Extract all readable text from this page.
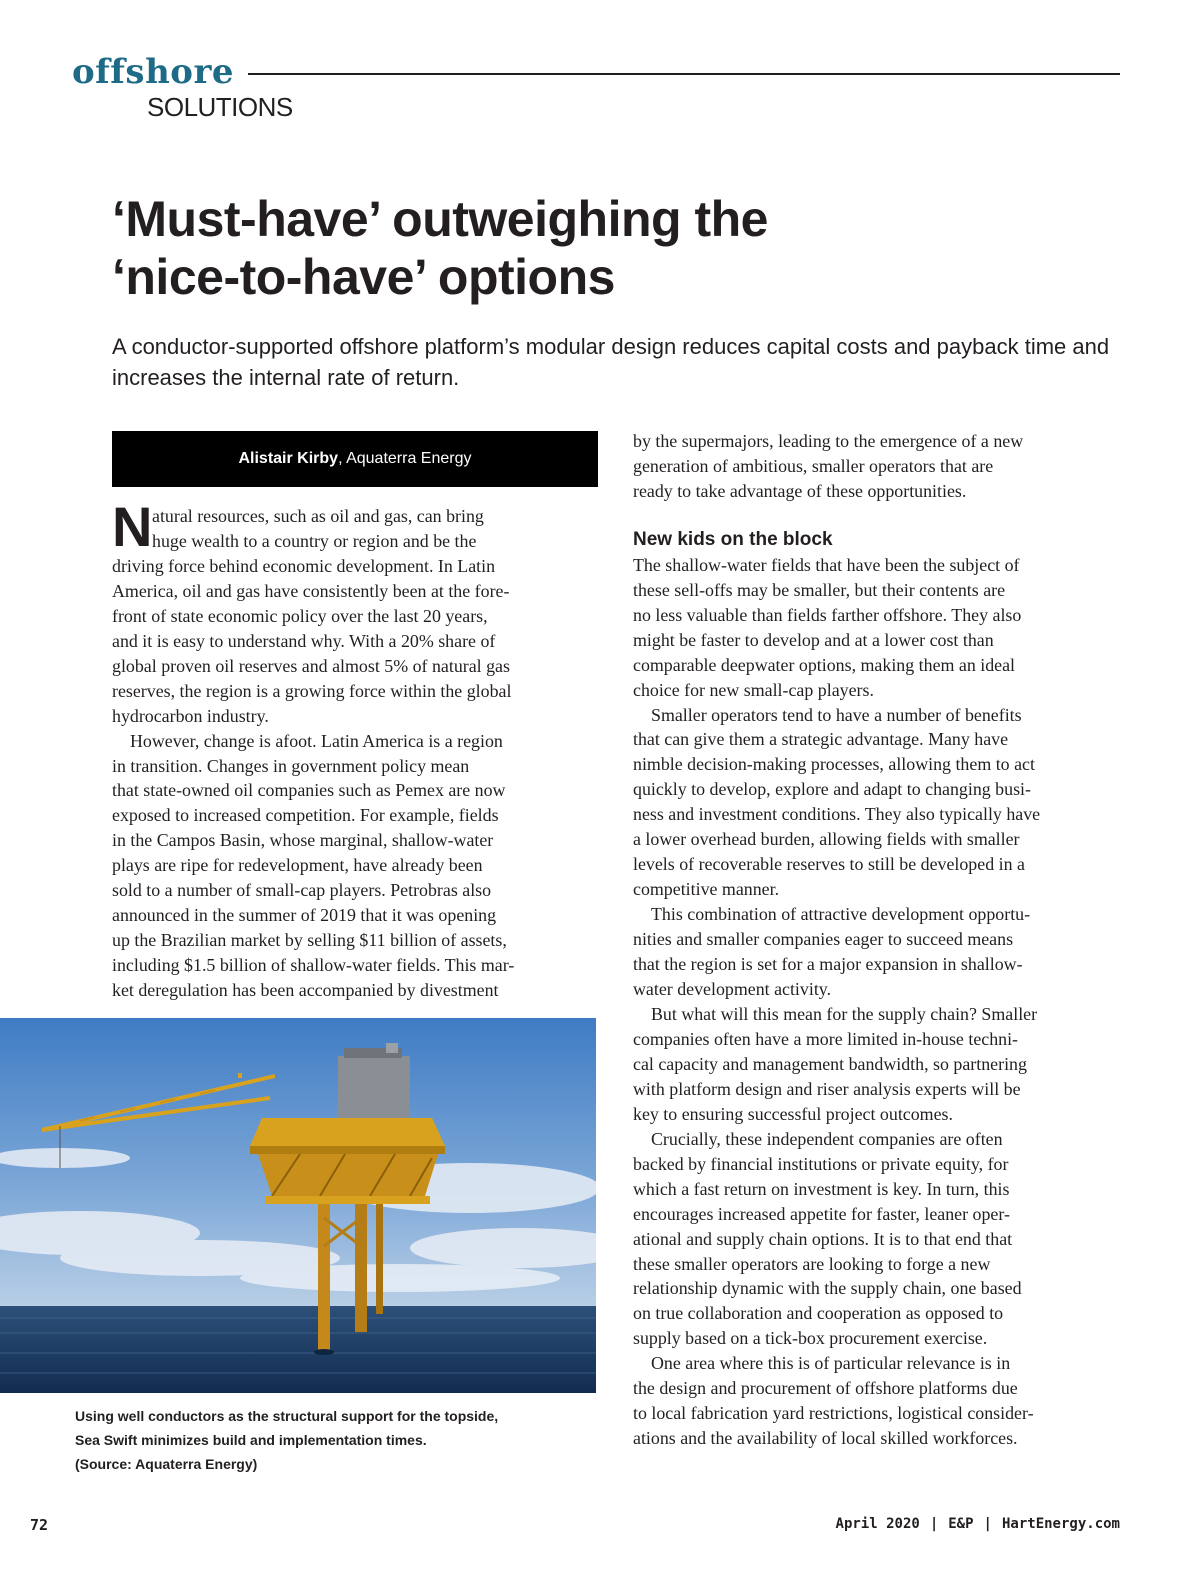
offshore
SOLUTIONS
‘Must-have’ outweighing the
‘nice-to-have’ options
A conductor-supported offshore platform’s modular design reduces capital costs and payback time and increases the internal rate of return.
Alistair Kirby , Aquaterra Energy
N atural resources, such as oil and gas, can bring
huge wealth to a country or region and be the
driving force behind economic development. In Latin
America, oil and gas have consistently been at the fore-
front of state economic policy over the last 20 years,
and it is easy to understand why. With a 20% share of
global proven oil reserves and almost 5% of natural gas
reserves, the region is a growing force within the global
hydrocarbon industry.
However, change is afoot. Latin America is a region
in transition. Changes in government policy mean
that state-owned oil companies such as Pemex are now
exposed to increased competition. For example, fields
in the Campos Basin, whose marginal, shallow-water
plays are ripe for redevelopment, have already been
sold to a number of small-cap players. Petrobras also
announced in the summer of 2019 that it was opening
up the Brazilian market by selling $11 billion of assets,
including $1.5 billion of shallow-water fields. This mar-
ket deregulation has been accompanied by divestment
by the supermajors, leading to the emergence of a new
generation of ambitious, smaller operators that are
ready to take advantage of these opportunities.
New kids on the block
The shallow-water fields that have been the subject of
these sell-offs may be smaller, but their contents are
no less valuable than fields farther offshore. They also
might be faster to develop and at a lower cost than
comparable deepwater options, making them an ideal
choice for new small-cap players.
Smaller operators tend to have a number of benefits
that can give them a strategic advantage. Many have
nimble decision-making processes, allowing them to act
quickly to develop, explore and adapt to changing busi-
ness and investment conditions. They also typically have
a lower overhead burden, allowing fields with smaller
levels of recoverable reserves to still be developed in a
competitive manner.
This combination of attractive development opportu-
nities and smaller companies eager to succeed means
that the region is set for a major expansion in shallow-
water development activity.
But what will this mean for the supply chain? Smaller
companies often have a more limited in-house techni-
cal capacity and management bandwidth, so partnering
with platform design and riser analysis experts will be
key to ensuring successful project outcomes.
Crucially, these independent companies are often
backed by financial institutions or private equity, for
which a fast return on investment is key. In turn, this
encourages increased appetite for faster, leaner oper-
ational and supply chain options. It is to that end that
these smaller operators are looking to forge a new
relationship dynamic with the supply chain, one based
on true collaboration and cooperation as opposed to
supply based on a tick-box procurement exercise.
One area where this is of particular relevance is in
the design and procurement of offshore platforms due
to local fabrication yard restrictions, logistical consider-
ations and the availability of local skilled workforces.
Using well conductors as the structural support for the topside,
Sea Swift minimizes build and implementation times.
(Source: Aquaterra Energy)
72	April 2020 | E&P | HartEnergy.com
